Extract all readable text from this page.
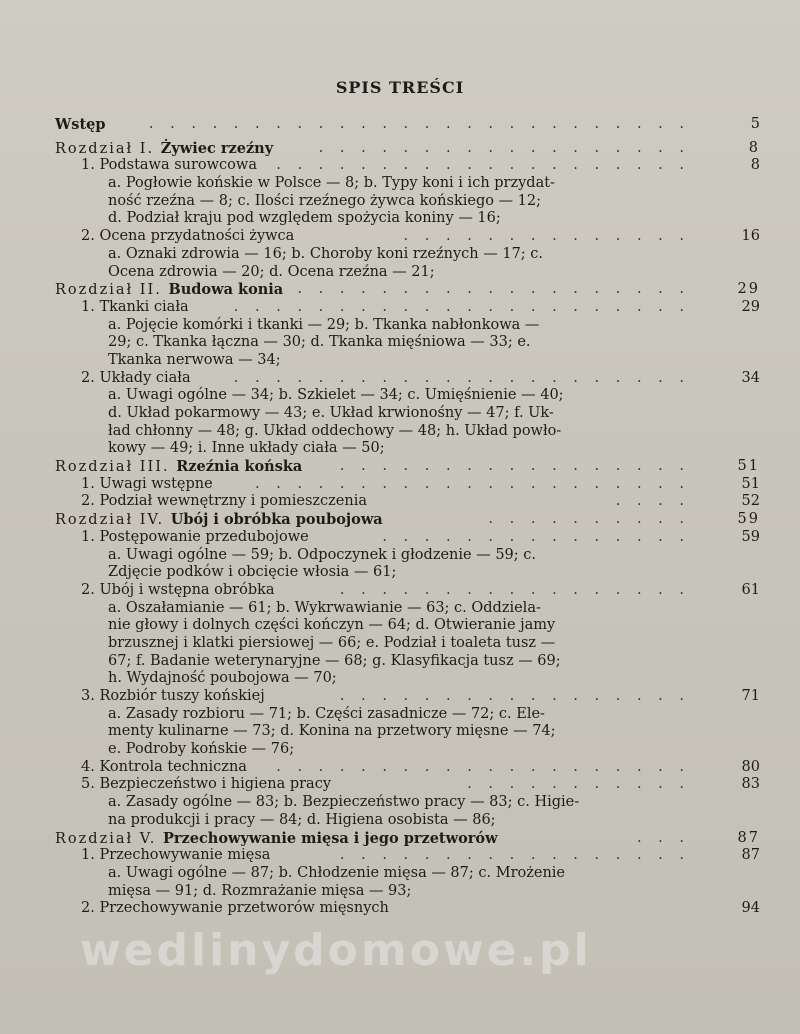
SPIS TREŚCI
Wstęp	. . . . . . . . . . . . . . . . . . . . . . . . . .	5
Rozdział I. Żywiec rzeźny	. . . . . . . . . . . . . . . . . .	8
1. Podstawa surowcowa . . . . . . . . . . . . . . . . . . . .	8
a. Pogłowie końskie w Polsce — 8; b. Typy koni i ich przydat-
ność rzeźna — 8; c. Ilości rzeźnego żywca końskiego — 12;
d. Podział kraju pod względem spożycia koniny — 16;
2. Ocena przydatności żywca	. . . . . . . . . . . . . .	16
a. Oznaki zdrowia — 16; b. Choroby koni rzeźnych — 17; c.
Ocena zdrowia — 20; d. Ocena rzeźna — 21;
Rozdział II. Budowa konia . . . . . . . . . . . . . . . . . . .	29
1. Tkanki ciała	. . . . . . . . . . . . . . . . . . . . . .	29
a. Pojęcie komórki i tkanki — 29; b. Tkanka nabłonkowa —
29; c. Tkanka łączna — 30; d. Tkanka mięśniowa — 33; e.
Tkanka nerwowa — 34;
2. Układy ciała	. . . . . . . . . . . . . . . . . . . . . .	34
a. Uwagi ogólne — 34; b. Szkielet — 34; c. Umięśnienie — 40;
d. Układ pokarmowy — 43; e. Układ krwionośny — 47; f. Uk-
ład chłonny — 48; g. Układ oddechowy — 48; h. Układ powło-
kowy — 49; i. Inne układy ciała — 50;
Rozdział III. Rzeźnia końska	. . . . . . . . . . . . . . . . .	51
1. Uwagi wstępne	. . . . . . . . . . . . . . . . . . . . .	51
2. Podział wewnętrzny i pomieszczenia	. . . .	52
Rozdział IV. Ubój i obróbka poubojowa	. . . . . . . . . .	59
1. Postępowanie przedubojowe	. . . . . . . . . . . . . . .	59
a. Uwagi ogólne — 59; b. Odpoczynek i głodzenie — 59; c.
Zdjęcie podków i obcięcie włosia — 61;
2. Ubój i wstępna obróbka	. . . . . . . . . . . . . . . . .	61
a. Oszałamianie — 61; b. Wykrwawianie — 63; c. Oddziela-
nie głowy i dolnych części kończyn — 64; d. Otwieranie jamy
brzusznej i klatki piersiowej — 66; e. Podział i toaleta tusz —
67; f. Badanie weterynaryjne — 68; g. Klasyfikacja tusz — 69;
h. Wydajność poubojowa — 70;
3. Rozbiór tuszy końskiej	. . . . . . . . . . . . . . . . .	71
a. Zasady rozbioru — 71; b. Części zasadnicze — 72; c. Ele-
menty kulinarne — 73; d. Konina na przetwory mięsne — 74;
e. Podroby końskie — 76;
4. Kontrola techniczna . . . . . . . . . . . . . . . . . . . .	80
5. Bezpieczeństwo i higiena pracy	. . . . . . . . . . .	83
a. Zasady ogólne — 83; b. Bezpieczeństwo pracy — 83; c. Higie-
na produkcji i pracy — 84; d. Higiena osobista — 86;
Rozdział V. Przechowywanie mięsa i jego przetworów	. . .	87
1. Przechowywanie mięsa	. . . . . . . . . . . . . . . . .	87
a. Uwagi ogólne — 87; b. Chłodzenie mięsa — 87; c. Mrożenie
mięsa — 91; d. Rozmrażanie mięsa — 93;
2. Przechowywanie przetworów mięsnych	94
wedlinydomowe.pl
